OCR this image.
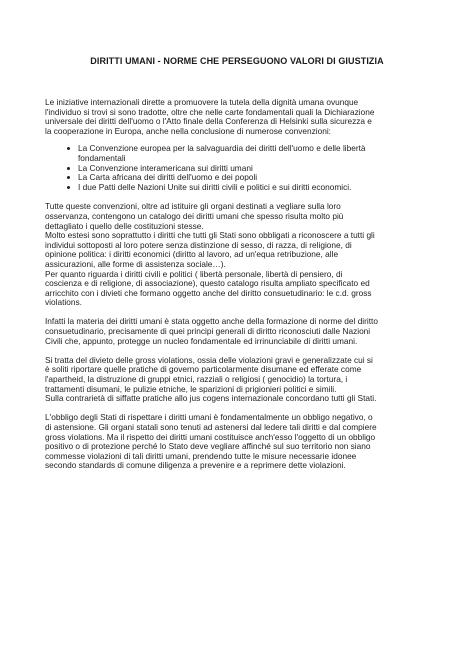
DIRITTI UMANI - NORME CHE PERSEGUONO VALORI DI GIUSTIZIA
Le iniziative internazionali dirette a promuovere la tutela della dignità umana ovunque
l'individuo si trovi si sono tradotte, oltre che nelle carte fondamentali quali la Dichiarazione
universale dei diritti dell'uomo o l'Atto finale della Conferenza di Helsinki sulla sicurezza e
la cooperazione in Europa, anche nella conclusione di numerose convenzioni:
La Convenzione europea per la salvaguardia dei diritti dell'uomo e delle libertà
fondamentali
La Convenzione interamericana sui diritti umani
La Carta africana dei diritti dell'uomo e dei popoli
I due Patti delle Nazioni Unite sui diritti civili e politici e sui diritti economici.
Tutte queste convenzioni, oltre ad istituire gli organi destinati a vegliare sulla loro
osservanza, contengono un catalogo dei diritti umani che spesso risulta molto più
dettagliato i quello delle costituzioni stesse.
Molto estesi sono soprattutto i diritti che tutti gli Stati sono obbligati a riconoscere a tutti gli
individui sottoposti al loro potere senza distinzione di sesso, di razza, di religione, di
opinione politica: i diritti economici (diritto al lavoro, ad un'equa retribuzione, alle
assicurazioni, alle forme di assistenza sociale…).
Per quanto riguarda i diritti civili e politici ( libertà personale, libertà di pensiero, di
coscienza e di religione, di associazione), questo catalogo risulta ampliato specificato ed
arricchito con i divieti che formano oggetto anche del diritto consuetudinario: le c.d. gross
violations.
Infatti la materia dei diritti umani è stata oggetto anche della formazione di norme del diritto
consuetudinario, precisamente di quei principi generali di diritto riconosciuti dalle Nazioni
Civili che, appunto, protegge un nucleo fondamentale ed irrinunciabile di diritti umani.
Si tratta del divieto delle gross violations, ossia delle violazioni gravi e generalizzate cui si
è soliti riportare quelle pratiche di governo particolarmente disumane ed efferate come
l'apartheid, la distruzione di gruppi etnici, razziali o religiosi ( genocidio) la tortura, i
trattamenti disumani, le pulizie etniche, le sparizioni di prigionieri politici e simili.
Sulla contrarietà di siffatte pratiche allo jus cogens internazionale concordano tutti gli Stati.
L'obbligo degli Stati di rispettare i diritti umani è fondamentalmente un obbligo negativo, o
di astensione. Gli organi statali sono tenuti ad astenersi dal ledere tali diritti e dal compiere
gross violations. Ma il rispetto dei diritti umani costituisce anch'esso l'oggetto di un obbligo
positivo o di protezione perché lo Stato deve vegliare affinché sul suo territorio non siano
commesse violazioni di tali diritti umani, prendendo tutte le misure necessarie idonee
secondo standards di comune diligenza a prevenire e a reprimere dette violazioni.
